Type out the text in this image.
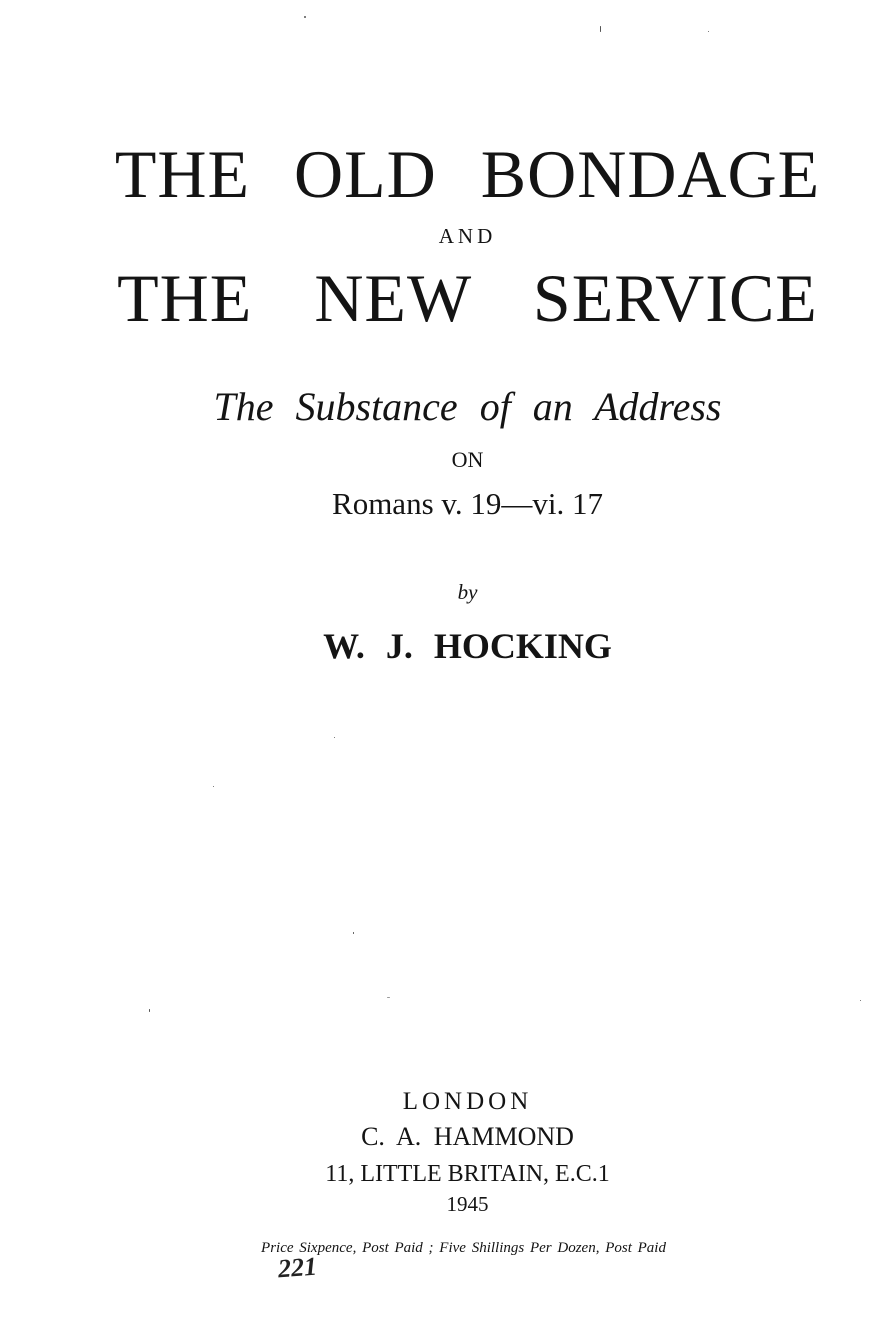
THE OLD BONDAGE
AND
THE NEW SERVICE
The Substance of an Address
ON
Romans v. 19—vi. 17
by
W. J. HOCKING
LONDON
C. A. HAMMOND
11, LITTLE BRITAIN, E.C.1
1945
Price Sixpence, Post Paid ; Five Shillings Per Dozen, Post Paid
221
